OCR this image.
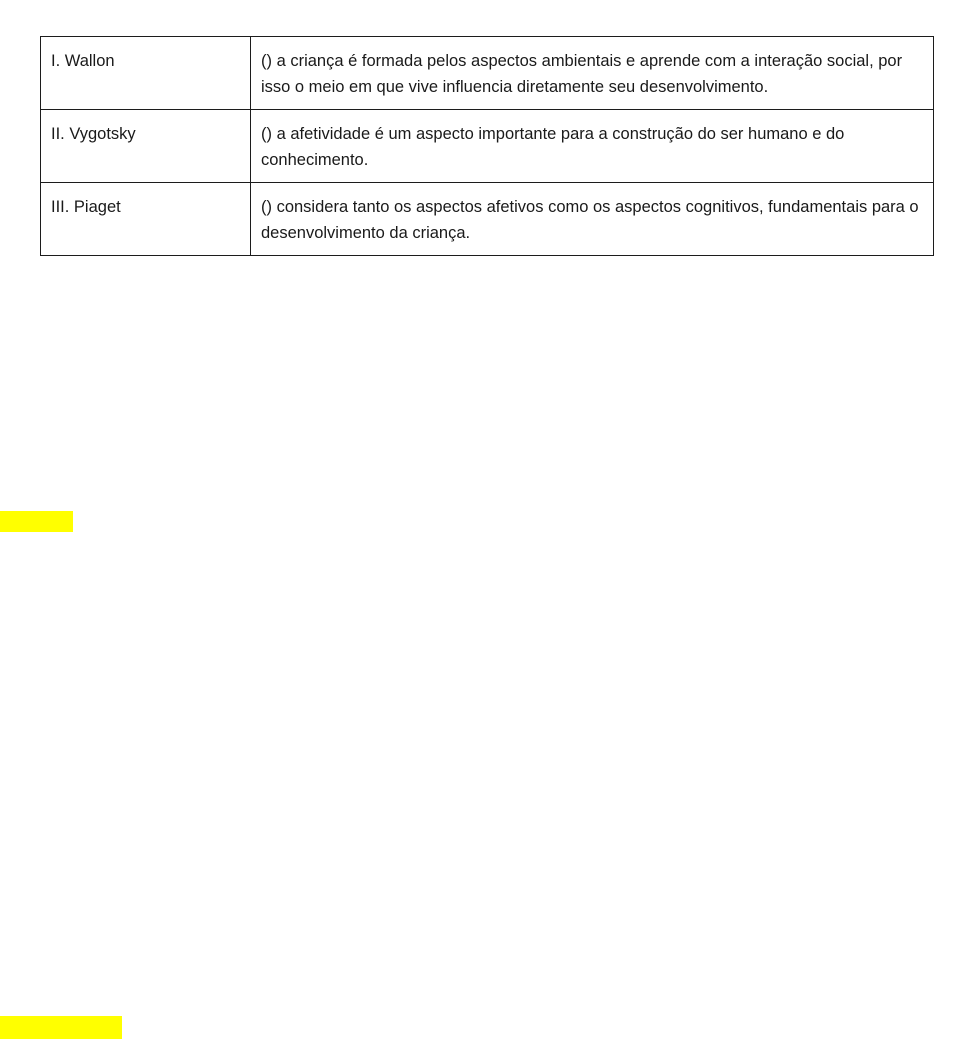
I. Wallon	() a criança é formada pelos aspectos ambientais e aprende com a interação social, por isso o meio em que vive influencia diretamente seu desenvolvimento.
II. Vygotsky	() a afetividade é um aspecto importante para a construção do ser humano e do conhecimento.
III. Piaget	() considera tanto os aspectos afetivos como os aspectos cognitivos, fundamentais para o desenvolvimento da criança.
